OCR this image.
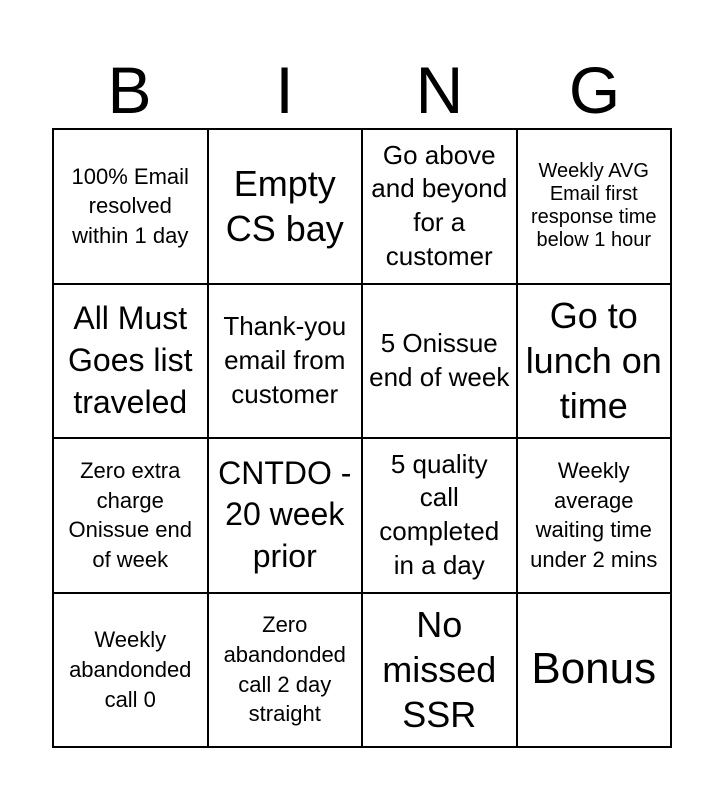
B	I	N	G
100% Email resolved within 1 day
Empty CS bay
Go above and beyond for a customer
Weekly AVG Email first response time below 1 hour
All Must Goes list traveled
Thank-you email from customer
5 Onissue end of week
Go to lunch on time
Zero extra charge Onissue end of week
CNTDO - 20 week prior
5 quality call completed in a day
Weekly average waiting time under 2 mins
Weekly abandonded call 0
Zero abandonded call 2 day straight
No missed SSR
Bonus
